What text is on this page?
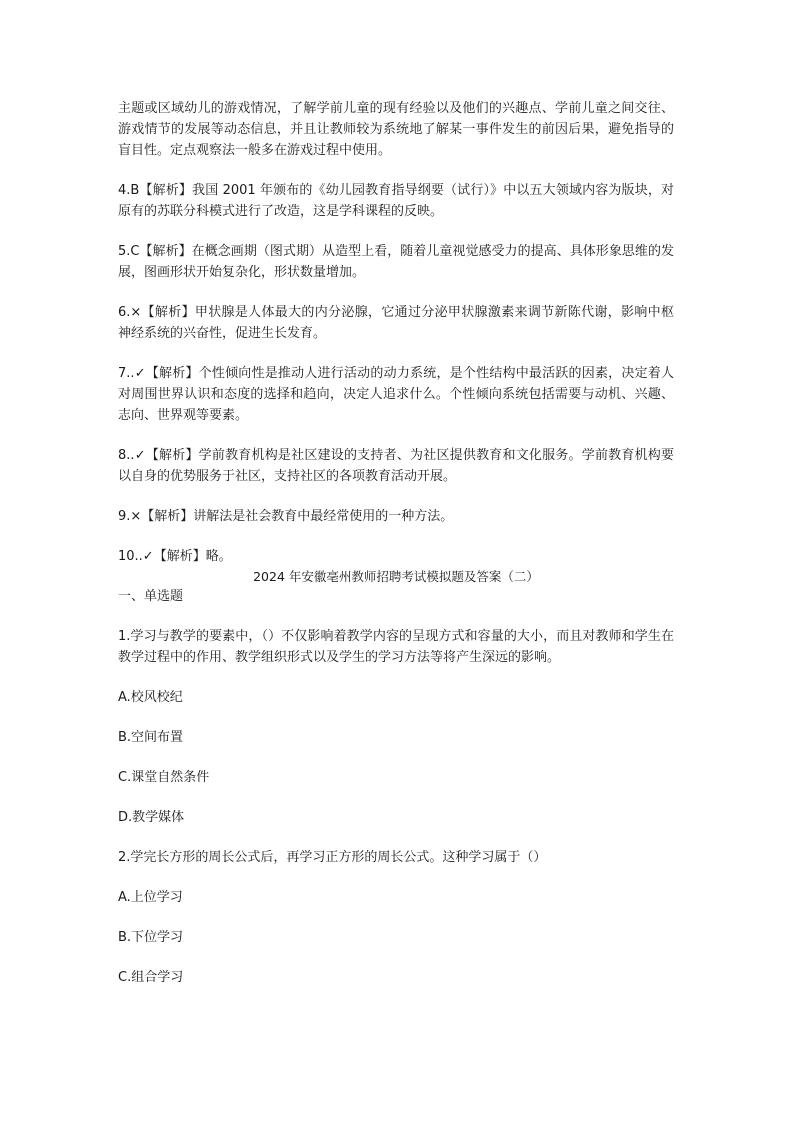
主题或区域幼儿的游戏情况，了解学前儿童的现有经验以及他们的兴趣点、学前儿童之间交往、游戏情节的发展等动态信息，并且让教师较为系统地了解某一事件发生的前因后果，避免指导的盲目性。定点观察法一般多在游戏过程中使用。

4.B【解析】我国 2001 年颁布的《幼儿园教育指导纲要（试行）》中以五大领域内容为版块，对原有的苏联分科模式进行了改造，这是学科课程的反映。

5.C【解析】在概念画期（图式期）从造型上看，随着儿童视觉感受力的提高、具体形象思维的发展，图画形状开始复杂化，形状数量增加。

6.×【解析】甲状腺是人体最大的内分泌腺，它通过分泌甲状腺激素来调节新陈代谢，影响中枢神经系统的兴奋性，促进生长发育。

7..✓【解析】个性倾向性是推动人进行活动的动力系统，是个性结构中最活跃的因素，决定着人对周围世界认识和态度的选择和趋向，决定人追求什么。个性倾向系统包括需要与动机、兴趣、志向、世界观等要素。

8..✓【解析】学前教育机构是社区建设的支持者、为社区提供教育和文化服务。学前教育机构要以自身的优势服务于社区，支持社区的各项教育活动开展。

9.×【解析】讲解法是社会教育中最经常使用的一种方法。

10..✓【解析】略。

2024 年安徽亳州教师招聘考试模拟题及答案（二）

一、单选题

1.学习与教学的要素中，（）不仅影响着教学内容的呈现方式和容量的大小，而且对教师和学生在教学过程中的作用、教学组织形式以及学生的学习方法等将产生深远的影响。

A.校风校纪

B.空间布置

C.课堂自然条件

D.教学媒体

2.学完长方形的周长公式后，再学习正方形的周长公式。这种学习属于（）

A.上位学习

B.下位学习

C.组合学习
